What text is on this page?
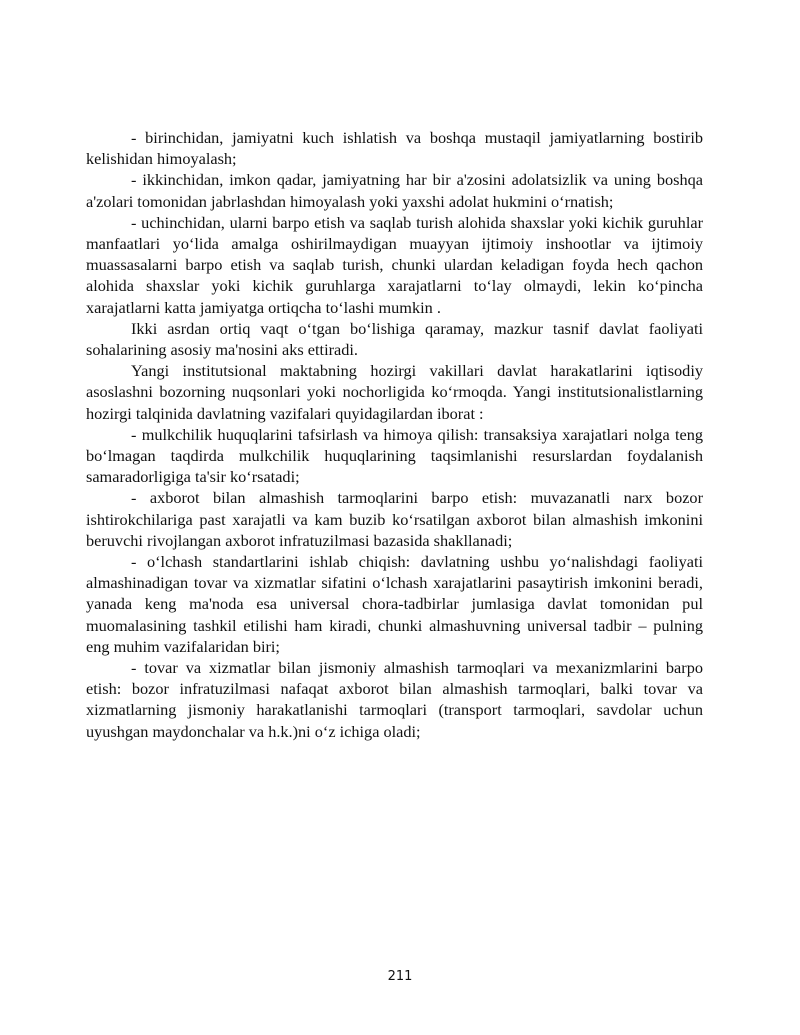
- birinchidan, jamiyatni kuch ishlatish va boshqa mustaqil jamiyatlarning bostirib kelishidan himoyalash;

- ikkinchidan, imkon qadar, jamiyatning har bir a'zosini adolatsizlik va uning boshqa a'zolari tomonidan jabrlashdan himoyalash yoki yaxshi adolat hukmini o‘rnatish;

- uchinchidan, ularni barpo etish va saqlab turish alohida shaxslar yoki kichik guruhlar manfaatlari yo‘lida amalga oshirilmaydigan muayyan ijtimoiy inshootlar va ijtimoiy muassasalarni barpo etish va saqlab turish, chunki ulardan keladigan foyda hech qachon alohida shaxslar yoki kichik guruhlarga xarajatlarni to‘lay olmaydi, lekin ko‘pincha xarajatlarni katta jamiyatga ortiqcha to‘lashi mumkin .

Ikki asrdan ortiq vaqt o‘tgan bo‘lishiga qaramay, mazkur tasnif davlat faoliyati sohalarining asosiy ma'nosini aks ettiradi.

Yangi institutsional maktabning hozirgi vakillari davlat harakatlarini iqtisodiy asoslashni bozorning nuqsonlari yoki nochorligida ko‘rmoqda. Yangi institutsionalistlarning hozirgi talqinida davlatning vazifalari quyidagilardan iborat :

- mulkchilik huquqlarini tafsirlash va himoya qilish: transaksiya xarajatlari nolga teng bo‘lmagan taqdirda mulkchilik huquqlarining taqsimlanishi resurslardan foydalanish samaradorligiga ta'sir ko‘rsatadi;

- axborot bilan almashish tarmoqlarini barpo etish: muvazanatli narx bozor ishtirokchilariga past xarajatli va kam buzib ko‘rsatilgan axborot bilan almashish imkonini beruvchi rivojlangan axborot infratuzilmasi bazasida shakllanadi;

- o‘lchash standartlarini ishlab chiqish: davlatning ushbu yo‘nalishdagi faoliyati almashinadigan tovar va xizmatlar sifatini o‘lchash xarajatlarini pasaytirish imkonini beradi, yanada keng ma'noda esa universal chora-tadbirlar jumlasiga davlat tomonidan pul muomalasining tashkil etilishi ham kiradi, chunki almashuvning universal tadbir – pulning eng muhim vazifalaridan biri;

- tovar va xizmatlar bilan jismoniy almashish tarmoqlari va mexanizmlarini barpo etish: bozor infratuzilmasi nafaqat axborot bilan almashish tarmoqlari, balki tovar va xizmatlarning jismoniy harakatlanishi tarmoqlari (transport tarmoqlari, savdolar uchun uyushgan maydonchalar va h.k.)ni o‘z ichiga oladi;

211
